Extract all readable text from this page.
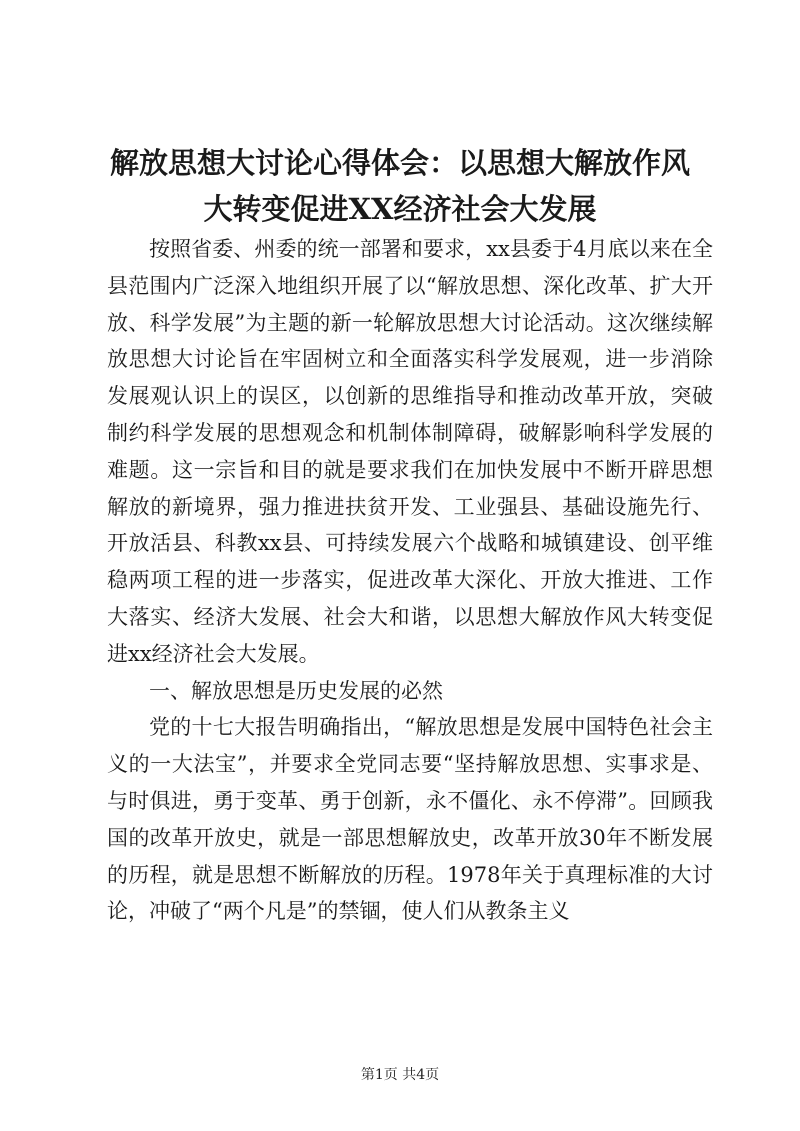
解放思想大讨论心得体会：以思想大解放作风
大转变促进XX经济社会大发展

按照省委、州委的统一部署和要求，xx县委于4月底以来在全县范围内广泛深入地组织开展了以“解放思想、深化改革、扩大开放、科学发展”为主题的新一轮解放思想大讨论活动。这次继续解放思想大讨论旨在牢固树立和全面落实科学发展观，进一步消除发展观认识上的误区，以创新的思维指导和推动改革开放，突破制约科学发展的思想观念和机制体制障碍，破解影响科学发展的难题。这一宗旨和目的就是要求我们在加快发展中不断开辟思想解放的新境界，强力推进扶贫开发、工业强县、基础设施先行、开放活县、科教xx县、可持续发展六个战略和城镇建设、创平维稳两项工程的进一步落实，促进改革大深化、开放大推进、工作大落实、经济大发展、社会大和谐，以思想大解放作风大转变促进xx经济社会大发展。

一、解放思想是历史发展的必然

党的十七大报告明确指出，“解放思想是发展中国特色社会主义的一大法宝”，并要求全党同志要“坚持解放思想、实事求是、与时俱进，勇于变革、勇于创新，永不僵化、永不停滞”。回顾我国的改革开放史，就是一部思想解放史，改革开放30年不断发展的历程，就是思想不断解放的历程。1978年关于真理标准的大讨论，冲破了“两个凡是”的禁锢，使人们从教条主义

第1页 共4页
